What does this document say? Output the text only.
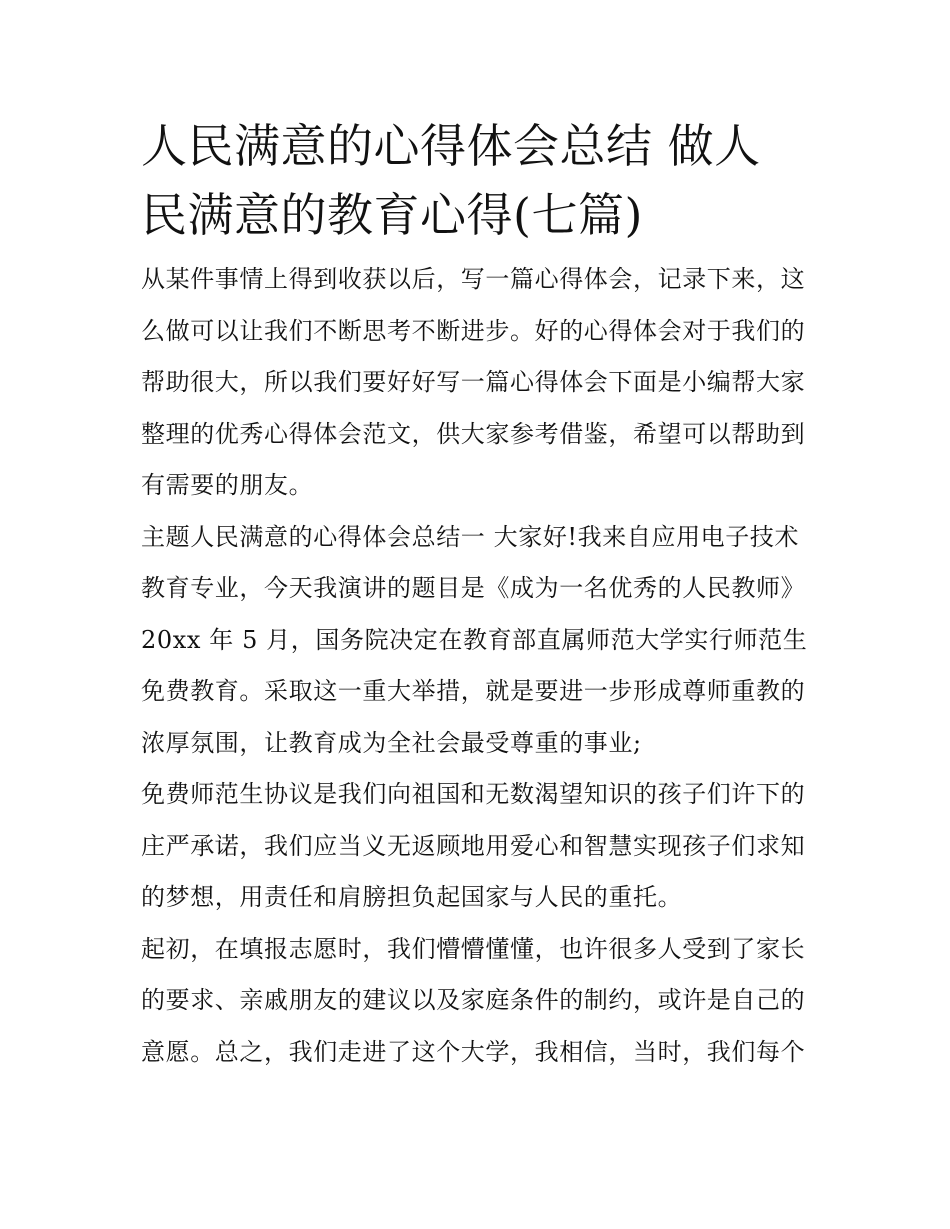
人民满意的心得体会总结 做人
民满意的教育心得(七篇)

从某件事情上得到收获以后，写一篇心得体会，记录下来，这
么做可以让我们不断思考不断进步。好的心得体会对于我们的
帮助很大，所以我们要好好写一篇心得体会下面是小编帮大家
整理的优秀心得体会范文，供大家参考借鉴，希望可以帮助到
有需要的朋友。

主题人民满意的心得体会总结一 大家好!我来自应用电子技术
教育专业，今天我演讲的题目是《成为一名优秀的人民教师》
20xx 年 5 月，国务院决定在教育部直属师范大学实行师范生
免费教育。采取这一重大举措，就是要进一步形成尊师重教的
浓厚氛围，让教育成为全社会最受尊重的事业;

免费师范生协议是我们向祖国和无数渴望知识的孩子们许下的
庄严承诺，我们应当义无返顾地用爱心和智慧实现孩子们求知
的梦想，用责任和肩膀担负起国家与人民的重托。

起初，在填报志愿时，我们懵懵懂懂，也许很多人受到了家长
的要求、亲戚朋友的建议以及家庭条件的制约，或许是自己的
意愿。总之，我们走进了这个大学，我相信，当时，我们每个
